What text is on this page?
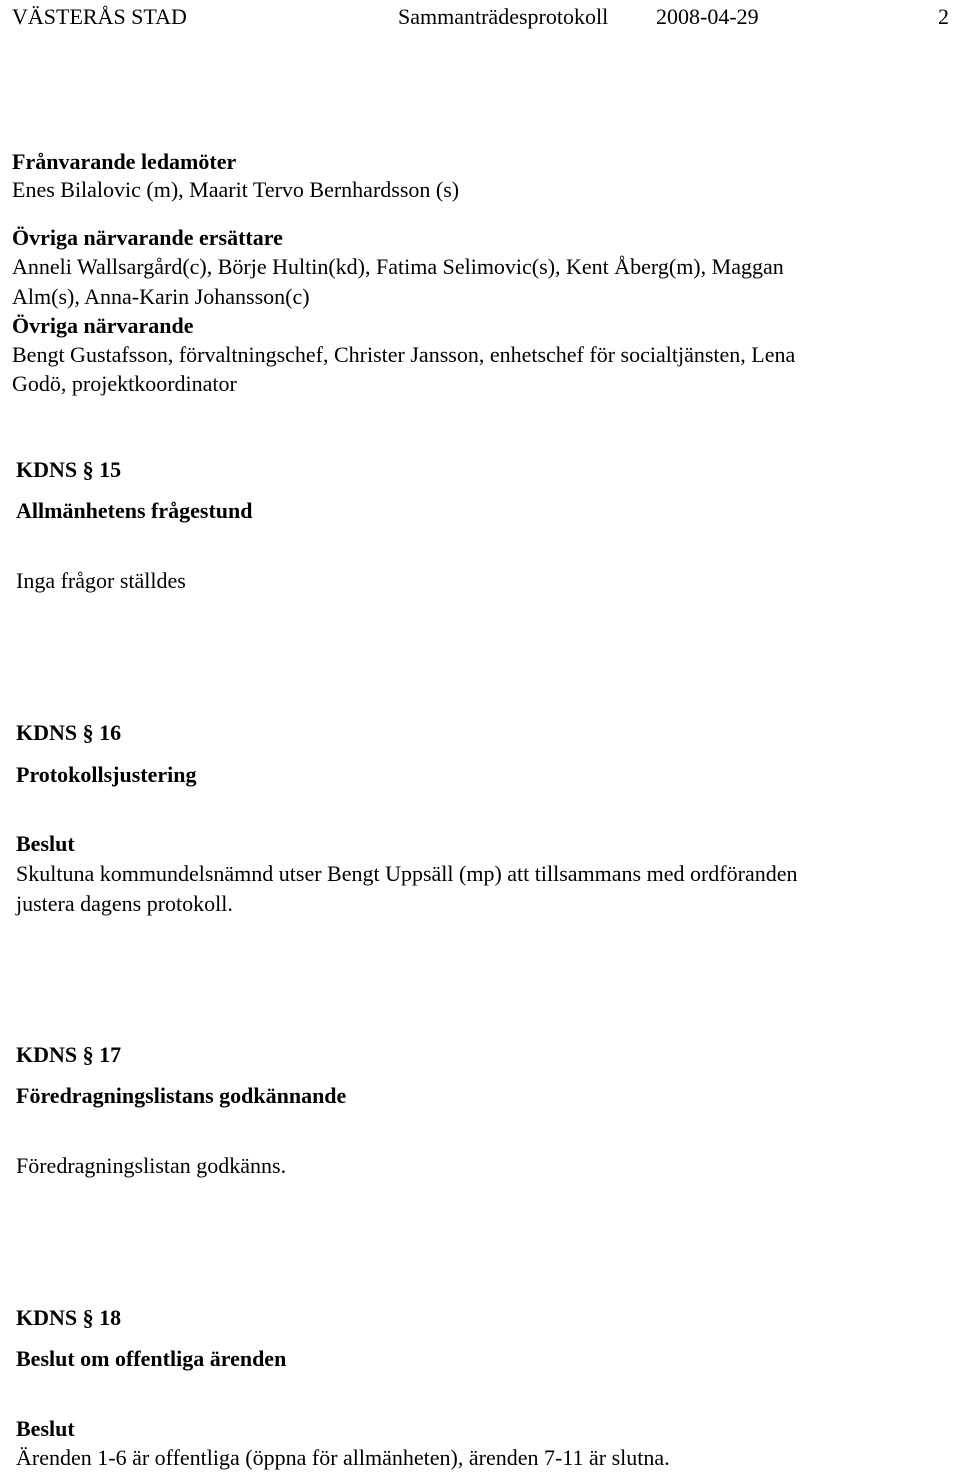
VÄSTERÅS STAD	Sammanträdesprotokoll 2008-04-29	2
Frånvarande ledamöter
Enes Bilalovic (m), Maarit Tervo Bernhardsson (s)
Övriga närvarande ersättare
Anneli Wallsargård(c), Börje Hultin(kd), Fatima Selimovic(s), Kent Åberg(m), Maggan
Alm(s), Anna-Karin Johansson(c)
Övriga närvarande
Bengt Gustafsson, förvaltningschef, Christer Jansson, enhetschef för socialtjänsten, Lena
Godö, projektkoordinator
KDNS § 15
Allmänhetens frågestund
Inga frågor ställdes
KDNS § 16
Protokollsjustering
Beslut
Skultuna kommundelsnämnd utser Bengt Uppsäll (mp) att tillsammans med ordföranden
justera dagens protokoll.
KDNS § 17
Föredragningslistans godkännande
Föredragningslistan godkänns.
KDNS § 18
Beslut om offentliga ärenden
Beslut
Ärenden 1-6 är offentliga (öppna för allmänheten), ärenden 7-11 är slutna.
